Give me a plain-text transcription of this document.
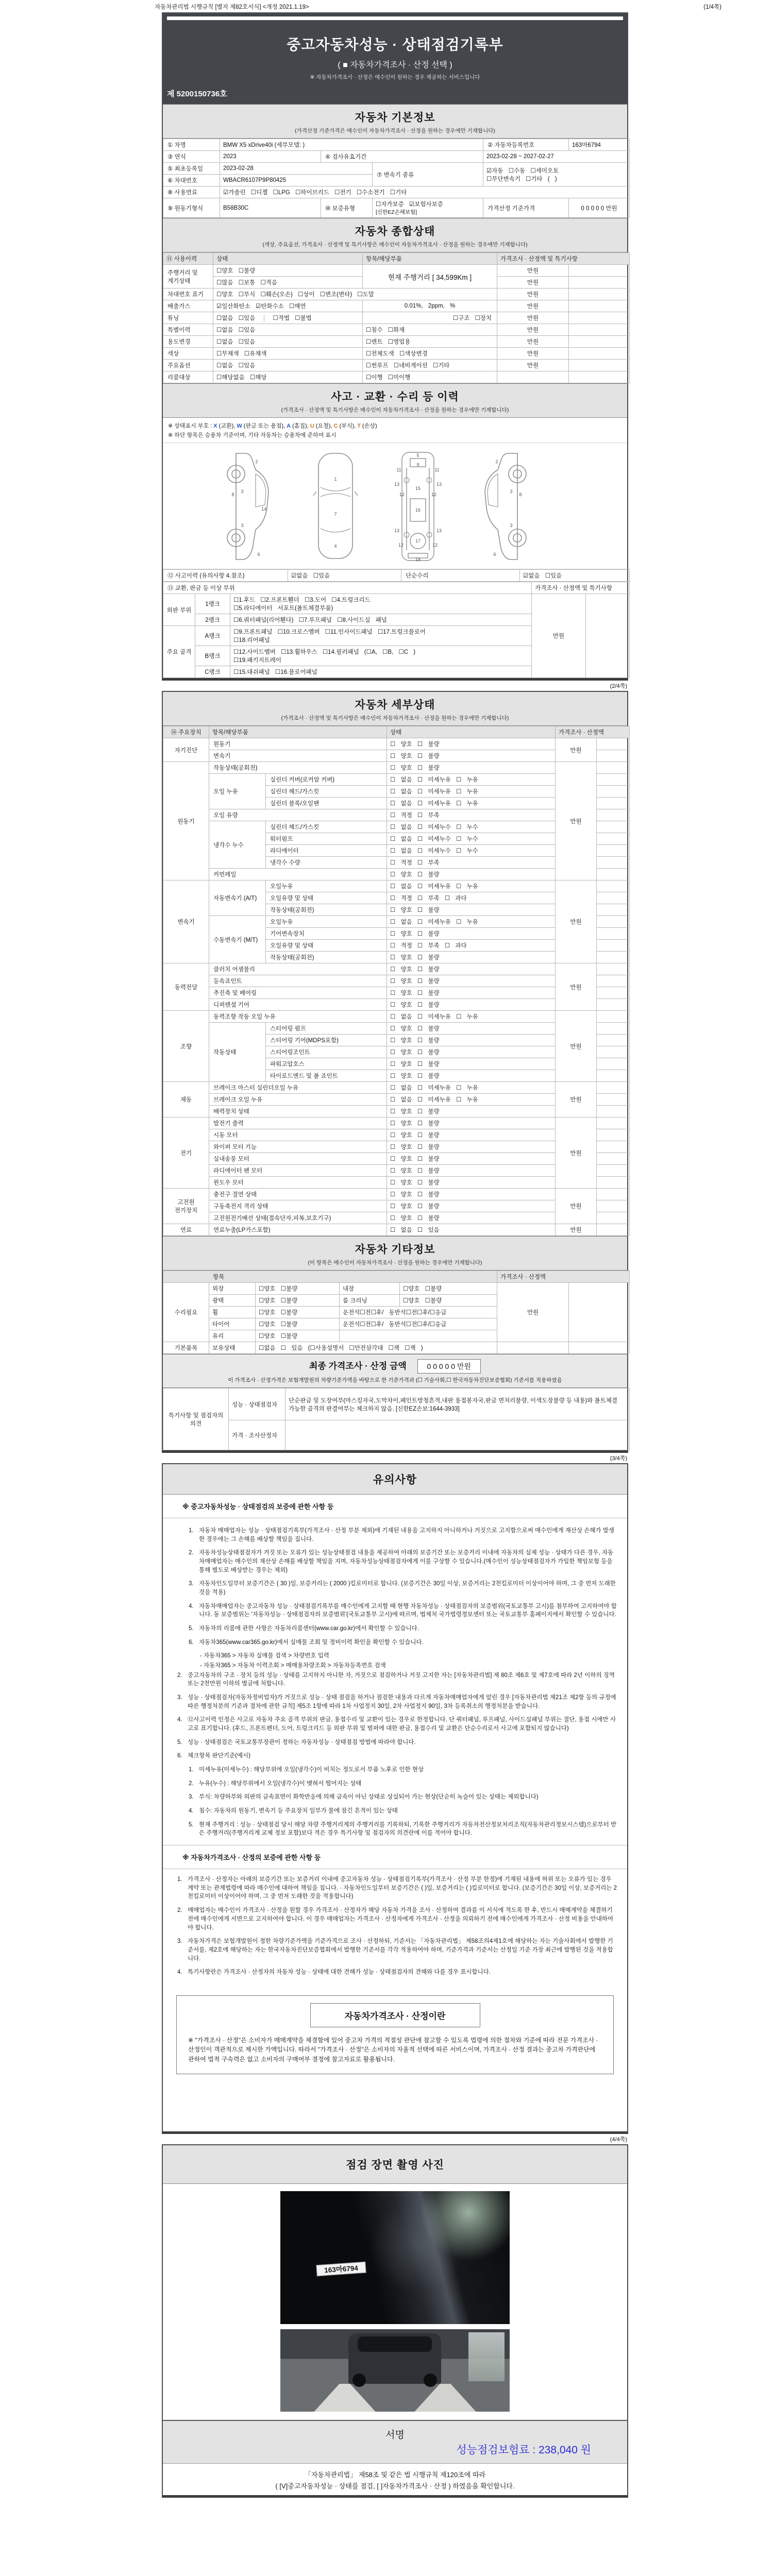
자동차관리법 시행규칙 [별지 제82호서식] <개정 2021.1.19>	(1/4쪽)
중고자동차성능 · 상태점검기록부
( ■ 자동차가격조사 · 산정 선택 )
※ 자동차가격조사 · 산정은 매수인이 원하는 경우 제공하는 서비스입니다
제 5200150736호
자동차 기본정보
(가격산정 기준가격은 매수인이 자동차가격조사 · 산정을 원하는 경우에만 기재합니다)
① 차명	BMW X5 xDrive40i (세부모델: )			② 자동차등록번호	163마6794
③ 연식	2023	④ 검사유효기간		2023-02-28 ~ 2027-02-27	
⑤ 최초등록일	2023-02-28		⑦ 변속기 종류	☑자동 ☐수동 ☐세미오토
☐무단변속기 ☐기타 ( )	

⑥ 차대번호	WBACR6107P9P80425				
⑧ 사용연료	☑가솔린 ☐디젤 ☐LPG ☐하이브리드 ☐전기 ☐수소전기 ☐기타				
⑨ 원동기형식	B58B30C	⑩ 보증유형	☐자가보증 ☑보험사보증 [신한EZ손해보험]	가격산정 기준가격	0 0 0 0 0 만원
자동차 종합상태
(색상, 주요옵션, 가격조사 · 산정액 및 특기사항은 매수인이 자동차가격조사 · 산정을 원하는 경우에만 기재합니다)
⑪ 사용이력	상태	항목/해당부품	가격조사 · 산정액 및 특기사항	
주행거리 및 계기상태	☐양호 ☐불량	현재 주행거리 [ 34,599Km ]	만원	
	☐많음 ☐보통 ☐적음		만원	
차대번호 표기	☐양호 ☐부식 ☐훼손(오손) ☐상이 ☐변조(변타) ☐도말		만원	
배출가스	☑일산화탄소 ☑탄화수소 ☐매연	0.01%, 2ppm, %	만원	
튜닝	☐없음 ☐있음 ☐적법 ☐불법	☐구조 ☐장치	만원	
특별이력	☐없음 ☐있음	☐침수 ☐화재	만원	
용도변경	☐없음 ☐있음	☐렌트 ☐영업용	만원	
색상	☐무채색 ☐유채색	☐전체도색 ☐색상변경	만원	
주요옵션	☐없음 ☐있음	☐썬루프 ☐네비게이션 ☐기타	만원	
리콜대상	☐해당없음 ☐해당	☐이행 ☐미이행		
사고 · 교환 · 수리 등 이력
(가격조사 · 산정액 및 특기사항은 매수인이 자동차가격조사 · 산정을 원하는 경우에만 기재합니다)
※ 상태표시 부호 : X (교환), W (판금 또는 용접), A (흠집), U (요철), C (부식), T (손상)
※ 하단 항목은 승용차 기준이며, 기타 자동차는 승용차에 준하여 표시
2
8
3
14
3
6
1
7
4
5
11	11
9
13	13
12	12
15
16
13	13
12	12
17
18
2
8
3
3
6
⑫ 사고이력 (유의사항 4.참조)	☑없음 ☐있음	단순수리	☑없음 ☐있음
⑬ 교환, 판금 등 이상 부위			가격조사 · 산정액 및 특기사항	
외판 부위	1랭크	☐1.후드 ☐2.프론트휀더 ☐3.도어 ☐4.트렁크리드
☐5.라디에이터 서포트(볼트체결부품)	만원	
	2랭크	☐6.쿼터패널(리어휀다) ☐7.루프패널 ☐8.사이드실 패널		
주요 골격	A랭크	☐9.프론트패널 ☐10.크로스멤버 ☐11.인사이드패널 ☐17.트렁크플로어
☐18.리어패널		

	B랭크	☐12.사이드멤버 ☐13.휠하우스 ☐14.필러패널 (☐A, ☐B, ☐C )
☐19.패키지트레이		

	C랭크	☐15.대쉬패널 ☐16.플로어패널		
(2/4쪽)
자동차 세부상태
(가격조사 · 산정액 및 특기사항은 매수인이 자동차가격조사 · 산정을 원하는 경우에만 기재합니다)
⑭ 주요장치	항목/해당부품		상태	가격조사 · 산정액	
자기진단	원동기		☐ 양호 ☐ 불량	만원	
	변속기		☐ 양호 ☐ 불량		
원동기	작동상태(공회전)		☐ 양호 ☐ 불량	만원	
	오일 누유	실린더 커버(로커암 커버)	☐ 없음 ☐ 미세누유 ☐ 누유		
		실린더 헤드/가스킷	☐ 없음 ☐ 미세누유 ☐ 누유		
		실린더 블록/오일팬	☐ 없음 ☐ 미세누유 ☐ 누유		
	오일 유량		☐ 적정 ☐ 부족		
	냉각수 누수	실린더 헤드/가스킷	☐ 없음 ☐ 미세누수 ☐ 누수		
		워터펌프	☐ 없음 ☐ 미세누수 ☐ 누수		
		라디에이터	☐ 없음 ☐ 미세누수 ☐ 누수		
		냉각수 수량	☐ 적정 ☐ 부족		
	커먼레일		☐ 양호 ☐ 불량		
변속기	자동변속기 (A/T)	오일누유	☐ 없음 ☐ 미세누유 ☐ 누유	만원	
		오일유량 및 상태	☐ 적정 ☐ 부족 ☐ 과다		
		작동상태(공회전)	☐ 양호 ☐ 불량		
	수동변속기 (M/T)	오일누유	☐ 없음 ☐ 미세누유 ☐ 누유		
		기어변속장치	☐ 양호 ☐ 불량		
		오일유량 및 상태	☐ 적정 ☐ 부족 ☐ 과다		
		작동상태(공회전)	☐ 양호 ☐ 불량		
동력전달	클러치 어셈블리		☐ 양호 ☐ 불량	만원	
	등속죠인트		☐ 양호 ☐ 불량		
	추진축 및 베어링		☐ 양호 ☐ 불량		
	디퍼렌셜 기어		☐ 양호 ☐ 불량		
조향	동력조향 작동 오일 누유		☐ 없음 ☐ 미세누유 ☐ 누유	만원	
	작동상태	스티어링 펌프	☐ 양호 ☐ 불량		
		스티어링 기어(MDPS포함)	☐ 양호 ☐ 불량		
		스티어링조인트	☐ 양호 ☐ 불량		
		파워고압호스	☐ 양호 ☐ 불량		
		타이로드엔드 및 볼 죠인트	☐ 양호 ☐ 불량		
제동	브레이크 마스터 실린더오일 누유		☐ 없음 ☐ 미세누유 ☐ 누유	만원	
	브레이크 오일 누유		☐ 없음 ☐ 미세누유 ☐ 누유		
	배력장치 상태		☐ 양호 ☐ 불량		
전기	발전기 출력		☐ 양호 ☐ 불량	만원	
	시동 모터		☐ 양호 ☐ 불량		
	와이퍼 모터 기능		☐ 양호 ☐ 불량		
	실내송풍 모터		☐ 양호 ☐ 불량		
	라디에이터 팬 모터		☐ 양호 ☐ 불량		
	윈도우 모터		☐ 양호 ☐ 불량		
고전원 전기장치	충전구 절연 상태		☐ 양호 ☐ 불량	만원	
	구동축전지 격리 상태		☐ 양호 ☐ 불량		
	고전원전기배선 상태(접속단자,피복,보호기구)		☐ 양호 ☐ 불량		
연료	연료누출(LP가스포함)		☐ 없음 ☐ 있음	만원	
자동차 기타정보
(이 항목은 매수인이 자동차가격조사 · 산정을 원하는 경우에만 기재합니다)
항목					가격조사 · 산정액	
수리필요	외장	☐양호 ☐불량	내장	☐양호 ☐불량	만원	
	광택	☐양호 ☐불량	룸 크리닝	☐양호 ☐불량		
	휠	☐양호 ☐불량	운전석☐전☐후/ 동반석☐전☐후/☐응급			
	타이어	☐양호 ☐불량	운전석☐전☐후/ 동반석☐전☐후/☐응급			
	유리	☐양호 ☐불량				
기본품목	보유상태	☐없음 ☐ 있음 (☐사용설명서 ☐안전삼각대 ☐잭 ☐잭 )				
최종 가격조사 · 산정 금액	0 0 0 0 0 만원
이 가격조사 · 산정가격은 보험개발원의 차량기준가액을 바탕으로 한 기준가격과 (☐ 기술사회,☐ 한국자동차진단보증협회) 기준서를 적용하였음
특기사항 및 점검자의 의견	성능 · 상태점검자	단순판금 및 도장여부(마스킹자국,도막차이,페인트방청흔적,내판 용접봉자국,판금 면처리불량, 이색도장불량 등 내용)와 볼트체결 가능한 골격의 판결여부는 체크하지 않음. [신한EZ손보:1644-3933]
	가격 · 조사산정자	
(3/4쪽)
유의사항
※ 중고자동차성능 · 상태점검의 보증에 관한 사항 등
1. 자동차 매매업자는 성능 · 상태점검기록부(가격조사 · 산정 부분 제외)에 기재된 내용을 고지하지 아니하거나 거짓으로 고지함으로써 매수인에게 재산상 손해가 발생한 경우에는 그 손해를 배상할 책임을 집니다.
2. 자동차성능상태점검자가 거짓 또는 오류가 있는 성능상태점검 내용을 제공하여 아래의 보증기간 또는 보증거리 이내에 자동차의 실제 성능 · 상태가 다른 경우, 자동차매매업자는 매수인의 재산상 손해를 배상할 책임을 지며, 자동차성능상태점검자에게 이를 구상할 수 있습니다.(매수인이 성능상태점검자가 가입한 책임보험 등을 통해 별도로 배상받는 경우는 제외)
3. 자동차인도일부터 보증기간은 ( 30 )일, 보증거리는 ( 2000 )킬로미터로 합니다. (보증기간은 30일 이상, 보증거리는 2천킬로미터 이상이어야 하며, 그 중 먼저 도래한 것을 적용)
4. 자동차매매업자는 중고자동차 성능 · 상태점검기록부를 매수인에게 고지할 때 현행 자동차성능 · 상태점검자의 보증범위(국토교통부 고시)를 첨부하여 고지하여야 합니다. 동 보증범위는 '자동차성능 · 상태점검자의 보증범위'(국토교통부 고시)에 따르며, 법제처 국가법령정보센터 또는 국토교통부 홈페이지에서 확인할 수 있습니다.
5. 자동차의 리콜에 관한 사항은 자동차리콜센터(www.car.go.kr)에서 확인할 수 있습니다.
6. 자동차365(www.car365.go.kr)에서 실매물 조회 및 정비이력 확인을 확인할 수 있습니다.
- 자동차365 > 자동차 실매물 검색 > 차량번호 입력
- 자동차365 > 자동차 이력조회 > 매매용차량조회 > 자동차등록번호 검색
2. 중고자동차의 구조 · 장치 등의 성능 · 상태를 고지하지 아니한 자, 거짓으로 점검하거나 거짓 고지한 자는 [자동차관리법] 제 80조 제6호 및 제7호에 따라 2년 이하의 징역 또는 2천만원 이하의 벌금에 처합니다.
3. 성능 · 상태점검자(자동차정비업자)가 거짓으로 성능 · 상태 점검을 하거나 점검한 내용과 다르게 자동차매매업자에게 알린 경우 [자동차관리법 제21조 제2항 등의 규정에 따른 행정처분의 기준과 절차에 관한 규칙] 제5조 1항에 따라 1차 사업정지 30일, 2차 사업정지 90일, 3차 등록취소의 행정처분을 받습니다.
4. ⑫사고이력 인정은 사고로 자동차 주요 골격 부위의 판금, 용접수리 및 교환이 있는 경우로 한정합니다. 단 쿼터패널, 루프패널, 사이드실패널 부위는 절단, 용접 시에만 사고로 표기합니다. (후드, 프론트펜더, 도어, 트렁크리드 등 외판 부위 및 범퍼에 대한 판금, 용접수리 및 교환은 단순수리로서 사고에 포함되지 않습니다)
5. 성능 · 상태점검은 국토교통부장관이 정하는 자동차성능 · 상태점검 방법에 따라야 합니다.
6. 체크항목 판단기준(예시)
1. 미세누유(미세누수) : 해당부위에 오일(냉각수)이 비치는 정도로서 부품 노후로 인한 현상
2. 누유(누수) : 해당부위에서 오일(냉각수)이 맺혀서 떨어지는 상태
3. 부식: 차량하부와 외판의 금속표면이 화학반응에 의해 금속이 아닌 상태로 상실되어 가는 현상(단순히 녹슬어 있는 상태는 제외합니다)
4. 침수: 자동차의 원동기, 변속기 등 주요장치 일부가 물에 잠긴 흔적이 있는 상태
5. 현재 주행거리 : 성능 · 상태점검 당시 해당 차량 주행거리계의 주행거리를 기록하되, 기록한 주행거리가 자동차전산정보처리조직(자동차관리정보시스템)으로부터 받은 주행거리(주행거리계 교체 정보 포함)보다 적은 경우 특기사항 및 점검자의 의견란에 이를 적어야 합니다.
※ 자동차가격조사 · 산정의 보증에 관한 사항 등
1. 가격조사 · 산정자는 아래의 보증기간 또는 보증거리 이내에 중고자동차 성능 · 상태점검기록부(가격조사 · 산정 부분 한정)에 기재된 내용에 허위 또는 오류가 있는 경우 계약 또는 관계법령에 따라 매수인에 대하여 책임을 집니다. · 자동차인도일부터 보증기간은 ( )일, 보증거리는 ( )킬로미터로 합니다. (보증기간은 30일 이상, 보증거리는 2천킬로미터 이상이어야 하며, 그 중 먼저 도래한 것을 적용합니다)
2. 매매업자는 매수인이 가격조사 · 산정을 원할 경우 가격조사 · 산정자가 해당 자동차 가격을 조사 · 산정하여 결과를 이 서식에 적도록 한 후, 반드시 매매계약을 체결하기 전에 매수인에게 서면으로 고지하여야 합니다. 이 경우 매매업자는 가격조사 · 산정자에게 가격조사 · 산정을 의뢰하기 전에 매수인에게 가격조사 · 산정 비용을 안내하여야 합니다.
3. 자동차가격은 보험개발원이 정한 차량기준가액을 기준가격으로 조사 · 산정하되, 기준서는 「자동차관리법」 제58조의4제1호에 해당하는 자는 기술사회에서 발행한 기준서를, 제2호에 해당하는 자는 한국자동차진단보증협회에서 발행한 기준서를 각각 적용하여야 하며, 기준가격과 기준서는 산정일 기준 가장 최근에 발행된 것을 적용합니다.
4. 특기사항란은 가격조사 · 산정자의 자동차 성능 · 상태에 대한 견해가 성능 · 상태점검자의 견해와 다를 경우 표시합니다.
자동차가격조사 · 산정이란
※ "가격조사 · 산정"은 소비자가 매매계약을 체결함에 있어 중고차 가격의 적절성 판단에 참고할 수 있도록 법령에 의한 절차와 기준에 따라 전문 가격조사 · 산정인이 객관적으로 제시한 가액입니다. 따라서 "가격조사 · 산정"은 소비자의 자율적 선택에 따른 서비스이며, 가격조사 · 산정 결과는 중고차 가격판단에 관하여 법적 구속력은 없고 소비자의 구매여부 결정에 참고자료로 활용됩니다.
(4/4쪽)
점검 장면 촬영 사진
163마6794
서명
성능점검보험료 : 238,040 원
「자동차관리법」 제58조 및 같은 법 시행규칙 제120조에 따라
( [V]중고자동차성능 · 상태를 점검, [ ]자동차가격조사 · 산정 ) 하였음을 확인합니다.
